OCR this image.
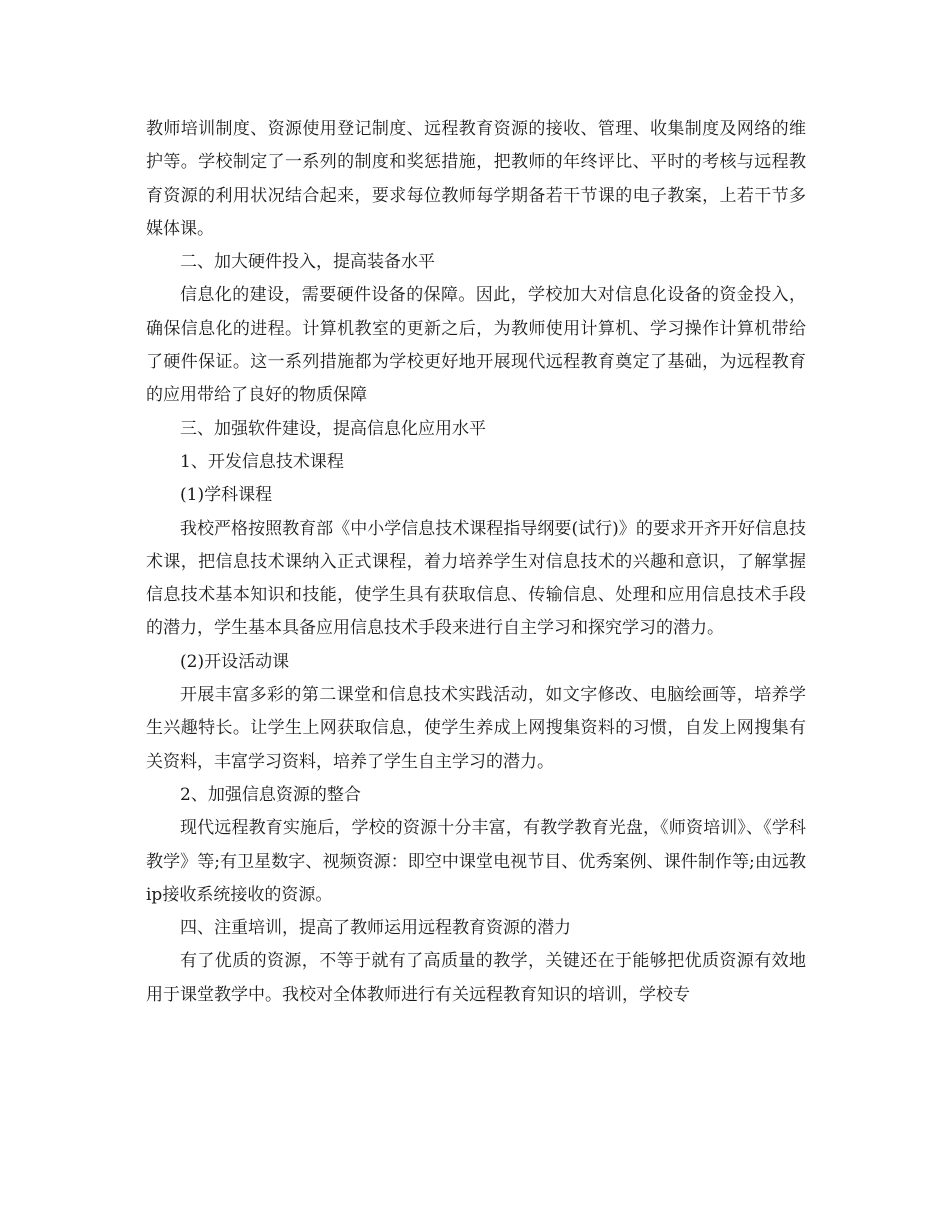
教师培训制度、资源使用登记制度、远程教育资源的接收、管理、收集制度及网络的维护等。学校制定了一系列的制度和奖惩措施，把教师的年终评比、平时的考核与远程教育资源的利用状况结合起来，要求每位教师每学期备若干节课的电子教案，上若干节多媒体课。

二、加大硬件投入，提高装备水平

信息化的建设，需要硬件设备的保障。因此，学校加大对信息化设备的资金投入，确保信息化的进程。计算机教室的更新之后，为教师使用计算机、学习操作计算机带给了硬件保证。这一系列措施都为学校更好地开展现代远程教育奠定了基础，为远程教育的应用带给了良好的物质保障

三、加强软件建设，提高信息化应用水平

1、开发信息技术课程

(1)学科课程

我校严格按照教育部《中小学信息技术课程指导纲要(试行)》的要求开齐开好信息技术课，把信息技术课纳入正式课程，着力培养学生对信息技术的兴趣和意识，了解掌握信息技术基本知识和技能，使学生具有获取信息、传输信息、处理和应用信息技术手段的潜力，学生基本具备应用信息技术手段来进行自主学习和探究学习的潜力。

(2)开设活动课

开展丰富多彩的第二课堂和信息技术实践活动，如文字修改、电脑绘画等，培养学生兴趣特长。让学生上网获取信息，使学生养成上网搜集资料的习惯，自发上网搜集有关资料，丰富学习资料，培养了学生自主学习的潜力。

2、加强信息资源的整合

现代远程教育实施后，学校的资源十分丰富，有教学教育光盘，《师资培训》、《学科教学》等;有卫星数字、视频资源：即空中课堂电视节目、优秀案例、课件制作等;由远教ip接收系统接收的资源。

四、注重培训，提高了教师运用远程教育资源的潜力

有了优质的资源，不等于就有了高质量的教学，关键还在于能够把优质资源有效地用于课堂教学中。我校对全体教师进行有关远程教育知识的培训，学校专
